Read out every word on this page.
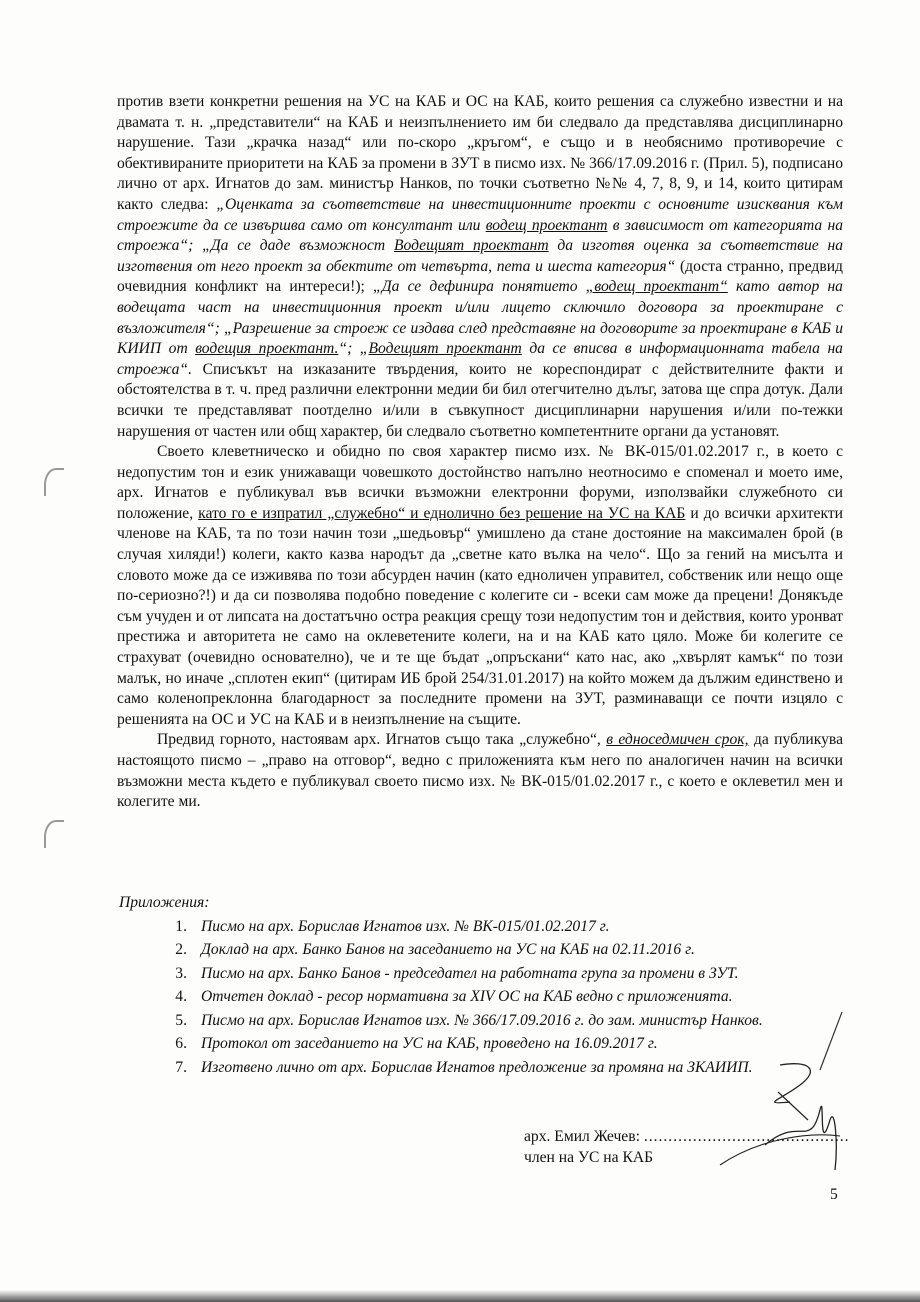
против взети конкретни решения на УС на КАБ и ОС на КАБ, които решения са служебно известни и на двамата т. н. „представители“ на КАБ и неизпълнението им би следвало да представлява дисциплинарно нарушение. Тази „крачка назад“ или по-скоро „кръгом“, е също и в необяснимо противоречие с обективираните приоритети на КАБ за промени в ЗУТ в писмо изх. № 366/17.09.2016 г. (Прил. 5), подписано лично от арх. Игнатов до зам. министър Нанков, по точки съответно №№ 4, 7, 8, 9, и 14, които цитирам както следва: „Оценката за съответствие на инвестиционните проекти с основните изисквания към строежите да се извършва само от консултант или водещ проектант в зависимост от категорията на строежа“; „Да се даде възможност Водещият проектант да изготвя оценка за съответствие на изготвения от него проект за обектите от четвърта, пета и шеста категория“ (доста странно, предвид очевидния конфликт на интереси!); „Да се дефинира понятието „водещ проектант“ като автор на водещата част на инвестиционния проект и/или лицето сключило договора за проектиране с възложителя“; „Разрешение за строеж се издава след представяне на договорите за проектиране в КАБ и КИИП от водещия проектант.“; „Водещият проектант да се вписва в информационната табела на строежа“. Списъкът на изказаните твърдения, които не кореспондират с действителните факти и обстоятелства в т. ч. пред различни електронни медии би бил отегчително дълъг, затова ще спра дотук. Дали всички те представляват поотделно и/или в съвкупност дисциплинарни нарушения и/или по-тежки нарушения от частен или общ характер, би следвало съответно компетентните органи да установят.

Своето клеветническо и обидно по своя характер писмо изх. № ВК-015/01.02.2017 г., в което с недопустим тон и език унижаващи човешкото достойнство напълно неотносимо е споменал и моето име, арх. Игнатов е публикувал във всички възможни електронни форуми, използвайки служебното си положение, като го е изпратил „служебно“ и еднолично без решение на УС на КАБ и до всички архитекти членове на КАБ, та по този начин този „шедьовър“ умишлено да стане достояние на максимален брой (в случая хиляди!) колеги, както казва народът да „светне като вълка на чело“. Що за гений на мисълта и словото може да се изживява по този абсурден начин (като едноличен управител, собственик или нещо още по-сериозно?!) и да си позволява подобно поведение с колегите си - всеки сам може да прецени! Донякъде съм учуден и от липсата на достатъчно остра реакция срещу този недопустим тон и действия, които уронват престижа и авторитета не само на оклеветените колеги, на и на КАБ като цяло. Може би колегите се страхуват (очевидно основателно), че и те ще бъдат „опръскани“ като нас, ако „хвърлят камък“ по този малък, но иначе „сплотен екип“ (цитирам ИБ брой 254/31.01.2017) на който можем да дължим единствено и само коленопреклонна благодарност за последните промени на ЗУТ, разминаващи се почти изцяло с решенията на ОС и УС на КАБ и в неизпълнение на същите.

Предвид горното, настоявам арх. Игнатов също така „служебно“, в едноседмичен срок, да публикува настоящото писмо – „право на отговор“, ведно с приложенията към него по аналогичен начин на всички възможни места където е публикувал своето писмо изх. № ВК-015/01.02.2017 г., с което е оклеветил мен и колегите ми.

Приложения:
1. Писмо на арх. Борислав Игнатов изх. № ВК-015/01.02.2017 г.
2. Доклад на арх. Банко Банов на заседанието на УС на КАБ на 02.11.2016 г.
3. Писмо на арх. Банко Банов - председател на работната група за промени в ЗУТ.
4. Отчетен доклад - ресор нормативна за XIV ОС на КАБ ведно с приложенията.
5. Писмо на арх. Борислав Игнатов изх. № 366/17.09.2016 г. до зам. министър Нанков.
6. Протокол от заседанието на УС на КАБ, проведено на 16.09.2017 г.
7. Изготвено лично от арх. Борислав Игнатов предложение за промяна на ЗКАИИП.
арх. Емил Жечев: ..........................................
член на УС на КАБ
5
